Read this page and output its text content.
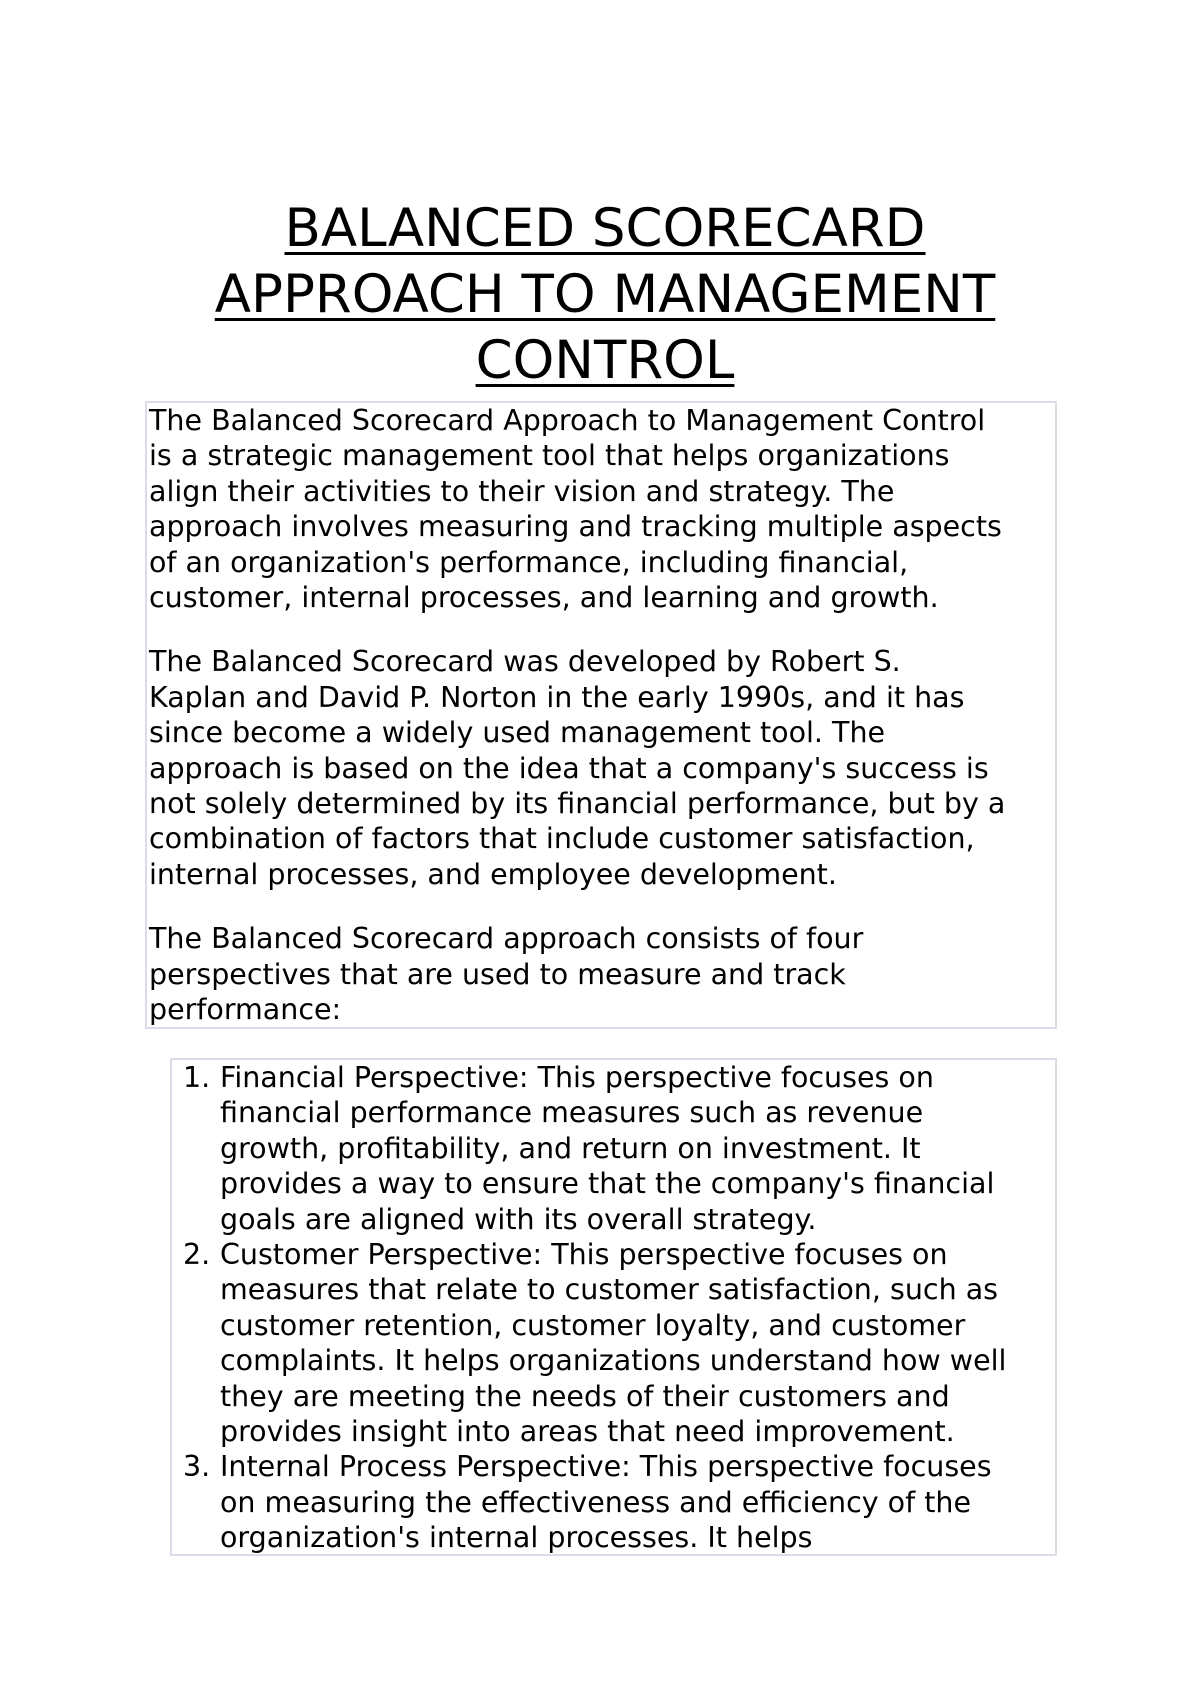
BALANCED SCORECARD
APPROACH TO MANAGEMENT
CONTROL

The Balanced Scorecard Approach to Management Control
is a strategic management tool that helps organizations
align their activities to their vision and strategy. The
approach involves measuring and tracking multiple aspects
of an organization's performance, including financial,
customer, internal processes, and learning and growth.

The Balanced Scorecard was developed by Robert S.
Kaplan and David P. Norton in the early 1990s, and it has
since become a widely used management tool. The
approach is based on the idea that a company's success is
not solely determined by its financial performance, but by a
combination of factors that include customer satisfaction,
internal processes, and employee development.

The Balanced Scorecard approach consists of four
perspectives that are used to measure and track
performance:

1. Financial Perspective: This perspective focuses on
financial performance measures such as revenue
growth, profitability, and return on investment. It
provides a way to ensure that the company's financial
goals are aligned with its overall strategy.
2. Customer Perspective: This perspective focuses on
measures that relate to customer satisfaction, such as
customer retention, customer loyalty, and customer
complaints. It helps organizations understand how well
they are meeting the needs of their customers and
provides insight into areas that need improvement.
3. Internal Process Perspective: This perspective focuses
on measuring the effectiveness and efficiency of the
organization's internal processes. It helps
